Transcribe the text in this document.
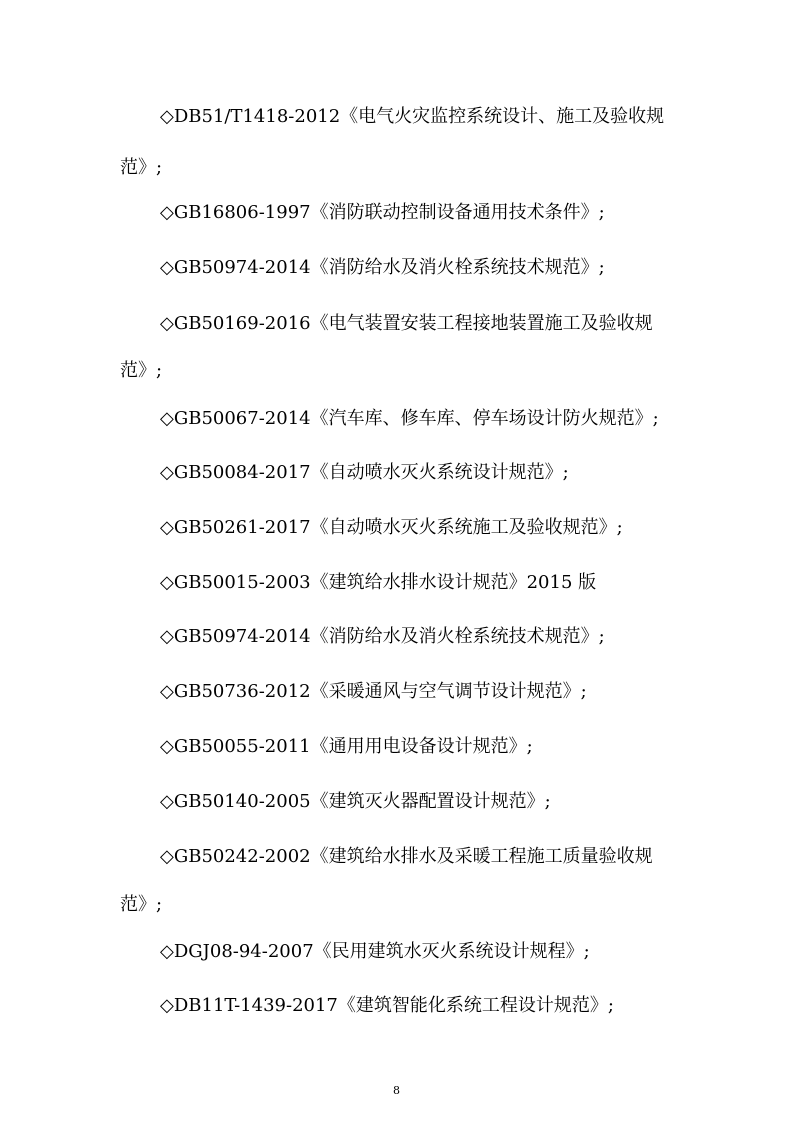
◇DB51/T1418-2012《电气火灾监控系统设计、施工及验收规
范》;
◇GB16806-1997《消防联动控制设备通用技术条件》;
◇GB50974-2014《消防给水及消火栓系统技术规范》;
◇GB50169-2016《电气装置安装工程接地装置施工及验收规
范》;
◇GB50067-2014《汽车库、修车库、停车场设计防火规范》;
◇GB50084-2017《自动喷水灭火系统设计规范》;
◇GB50261-2017《自动喷水灭火系统施工及验收规范》;
◇GB50015-2003《建筑给水排水设计规范》2015 版
◇GB50974-2014《消防给水及消火栓系统技术规范》;
◇GB50736-2012《采暖通风与空气调节设计规范》;
◇GB50055-2011《通用用电设备设计规范》;
◇GB50140-2005《建筑灭火器配置设计规范》;
◇GB50242-2002《建筑给水排水及采暖工程施工质量验收规
范》;
◇DGJ08-94-2007《民用建筑水灭火系统设计规程》;
◇DB11T-1439-2017《建筑智能化系统工程设计规范》;
8
